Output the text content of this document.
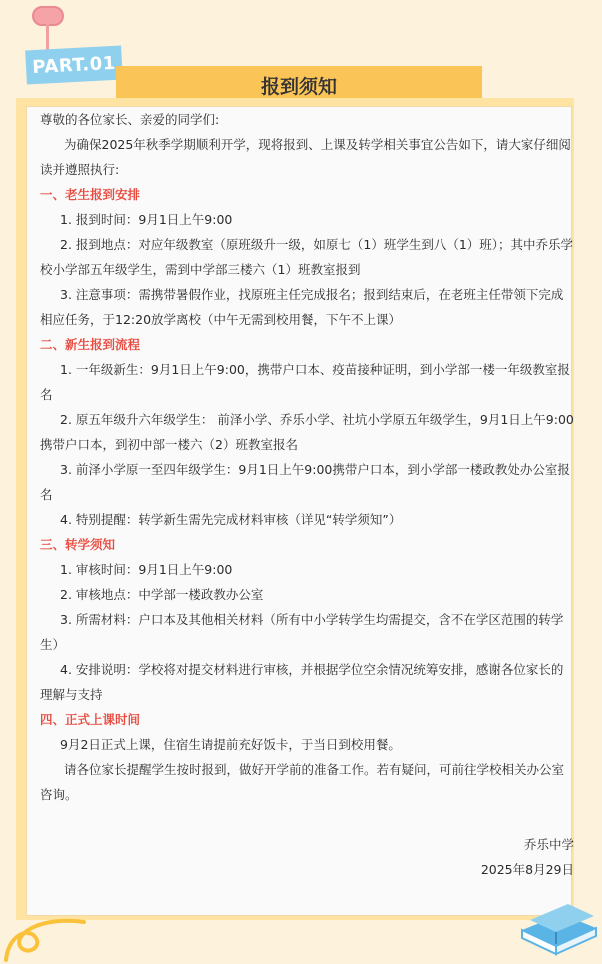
PART.01
报到须知

尊敬的各位家长、亲爱的同学们:

为确保2025年秋季学期顺利开学，现将报到、上课及转学相关事宜公告如下，请大家仔细阅读并遵照执行:

一、老生报到安排

1. 报到时间：9月1日上午9:00

2. 报到地点：对应年级教室（原班级升一级，如原七（1）班学生到八（1）班）；其中乔乐学校小学部五年级学生，需到中学部三楼六（1）班教室报到

3. 注意事项：需携带暑假作业，找原班主任完成报名；报到结束后，在老班主任带领下完成相应任务，于12:20放学离校（中午无需到校用餐，下午不上课）

二、新生报到流程

1. 一年级新生：9月1日上午9:00，携带户口本、疫苗接种证明，到小学部一楼一年级教室报名

2. 原五年级升六年级学生： 前泽小学、乔乐小学、社坑小学原五年级学生，9月1日上午9:00携带户口本，到初中部一楼六（2）班教室报名

3. 前泽小学原一至四年级学生：9月1日上午9:00携带户口本，到小学部一楼政教处办公室报名

4. 特别提醒：转学新生需先完成材料审核（详见“转学须知”）

三、转学须知

1. 审核时间：9月1日上午9:00

2. 审核地点：中学部一楼政教办公室

3. 所需材料：户口本及其他相关材料（所有中小学转学生均需提交，含不在学区范围的转学生）

4. 安排说明：学校将对提交材料进行审核，并根据学位空余情况统筹安排，感谢各位家长的理解与支持

四、正式上课时间

9月2日正式上课，住宿生请提前充好饭卡，于当日到校用餐。

请各位家长提醒学生按时报到，做好开学前的准备工作。若有疑问，可前往学校相关办公室咨询。

乔乐中学

2025年8月29日
